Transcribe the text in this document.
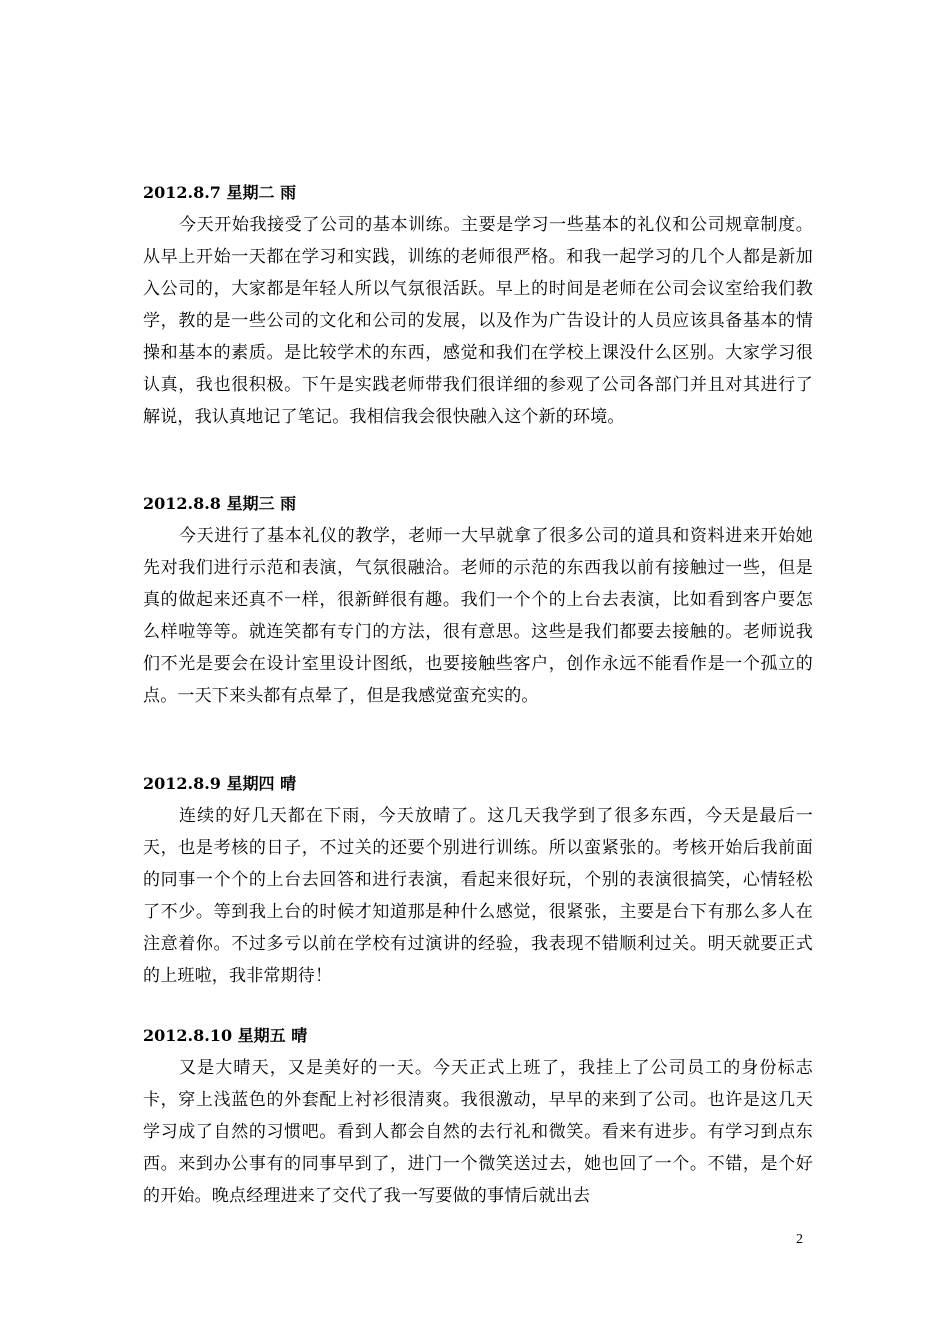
2012.8.7 星期二 雨

今天开始我接受了公司的基本训练。主要是学习一些基本的礼仪和公司规章制度。从早上开始一天都在学习和实践，训练的老师很严格。和我一起学习的几个人都是新加入公司的，大家都是年轻人所以气氛很活跃。早上的时间是老师在公司会议室给我们教学，教的是一些公司的文化和公司的发展，以及作为广告设计的人员应该具备基本的情操和基本的素质。是比较学术的东西，感觉和我们在学校上课没什么区别。大家学习很认真，我也很积极。下午是实践老师带我们很详细的参观了公司各部门并且对其进行了解说，我认真地记了笔记。我相信我会很快融入这个新的环境。

2012.8.8 星期三 雨

今天进行了基本礼仪的教学，老师一大早就拿了很多公司的道具和资料进来开始她先对我们进行示范和表演，气氛很融洽。老师的示范的东西我以前有接触过一些，但是真的做起来还真不一样，很新鲜很有趣。我们一个个的上台去表演，比如看到客户要怎么样啦等等。就连笑都有专门的方法，很有意思。这些是我们都要去接触的。老师说我们不光是要会在设计室里设计图纸，也要接触些客户，创作永远不能看作是一个孤立的点。一天下来头都有点晕了，但是我感觉蛮充实的。

2012.8.9 星期四 晴

连续的好几天都在下雨，今天放晴了。这几天我学到了很多东西，今天是最后一天，也是考核的日子，不过关的还要个别进行训练。所以蛮紧张的。考核开始后我前面的同事一个个的上台去回答和进行表演，看起来很好玩，个别的表演很搞笑，心情轻松了不少。等到我上台的时候才知道那是种什么感觉，很紧张，主要是台下有那么多人在注意着你。不过多亏以前在学校有过演讲的经验，我表现不错顺利过关。明天就要正式的上班啦，我非常期待！

2012.8.10 星期五 晴

又是大晴天，又是美好的一天。今天正式上班了，我挂上了公司员工的身份标志卡，穿上浅蓝色的外套配上衬衫很清爽。我很激动，早早的来到了公司。也许是这几天学习成了自然的习惯吧。看到人都会自然的去行礼和微笑。看来有进步。有学习到点东西。来到办公事有的同事早到了，进门一个微笑送过去，她也回了一个。不错，是个好的开始。晚点经理进来了交代了我一写要做的事情后就出去

2
